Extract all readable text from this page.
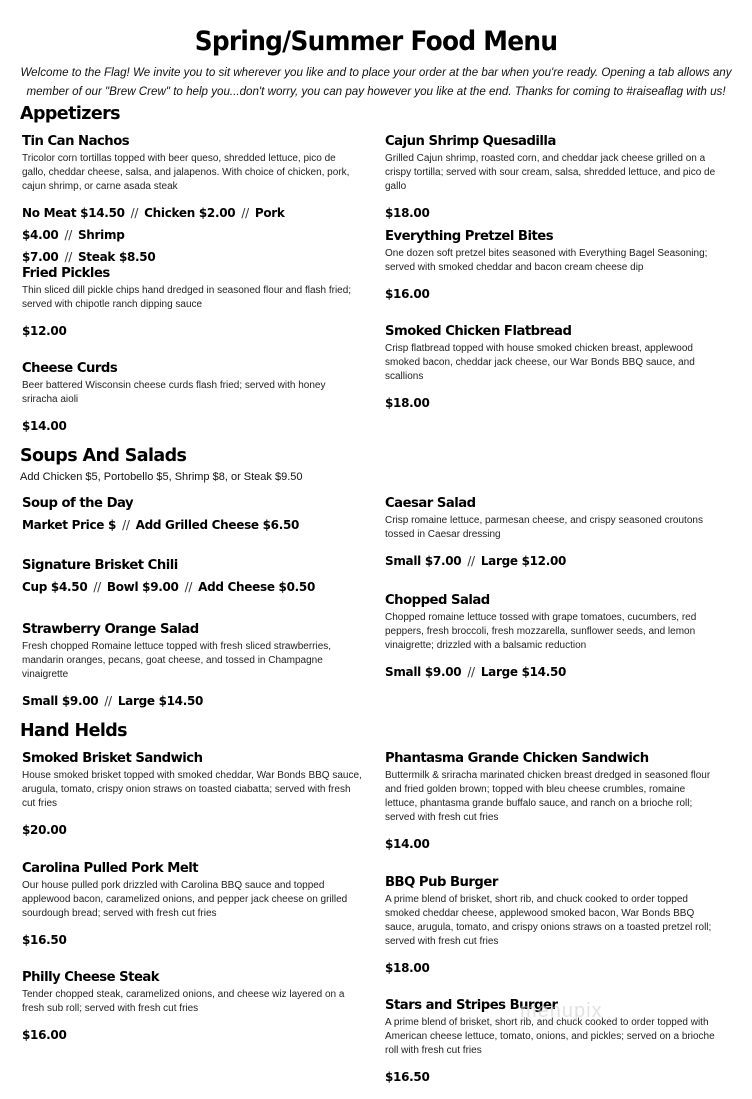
Spring/Summer Food Menu
Welcome to the Flag! We invite you to sit wherever you like and to place your order at the bar when you're ready. Opening a tab allows any member of our "Brew Crew" to help you...don't worry, you can pay however you like at the end. Thanks for coming to #raiseaflag with us!
Appetizers
Tin Can Nachos
Tricolor corn tortillas topped with beer queso, shredded lettuce, pico de gallo, cheddar cheese, salsa, and jalapenos. With choice of chicken, pork, cajun shrimp, or carne asada steak
No Meat $14.50 // Chicken $2.00 // Pork $4.00 // Shrimp
$7.00 // Steak $8.50
Fried Pickles
Thin sliced dill pickle chips hand dredged in seasoned flour and flash fried; served with chipotle ranch dipping sauce
$12.00
Cheese Curds
Beer battered Wisconsin cheese curds flash fried; served with honey sriracha aioli
$14.00
Cajun Shrimp Quesadilla
Grilled Cajun shrimp, roasted corn, and cheddar jack cheese grilled on a crispy tortilla; served with sour cream, salsa, shredded lettuce, and pico de gallo
$18.00
Everything Pretzel Bites
One dozen soft pretzel bites seasoned with Everything Bagel Seasoning; served with smoked cheddar and bacon cream cheese dip
$16.00
Smoked Chicken Flatbread
Crisp flatbread topped with house smoked chicken breast, applewood smoked bacon, cheddar jack cheese, our War Bonds BBQ sauce, and scallions
$18.00
Soups And Salads
Add Chicken $5, Portobello $5, Shrimp $8, or Steak $9.50
Soup of the Day
Market Price $ // Add Grilled Cheese $6.50
Signature Brisket Chili
Cup $4.50 // Bowl $9.00 // Add Cheese $0.50
Strawberry Orange Salad
Fresh chopped Romaine lettuce topped with fresh sliced strawberries, mandarin oranges, pecans, goat cheese, and tossed in Champagne vinaigrette
Small $9.00 // Large $14.50
Caesar Salad
Crisp romaine lettuce, parmesan cheese, and crispy seasoned croutons tossed in Caesar dressing
Small $7.00 // Large $12.00
Chopped Salad
Chopped romaine lettuce tossed with grape tomatoes, cucumbers, red peppers, fresh broccoli, fresh mozzarella, sunflower seeds, and lemon vinaigrette; drizzled with a balsamic reduction
Small $9.00 // Large $14.50
Hand Helds
Smoked Brisket Sandwich
House smoked brisket topped with smoked cheddar, War Bonds BBQ sauce, arugula, tomato, crispy onion straws on toasted ciabatta; served with fresh cut fries
$20.00
Carolina Pulled Pork Melt
Our house pulled pork drizzled with Carolina BBQ sauce and topped applewood bacon, caramelized onions, and pepper jack cheese on grilled sourdough bread; served with fresh cut fries
$16.50
Philly Cheese Steak
Tender chopped steak, caramelized onions, and cheese wiz layered on a fresh sub roll; served with fresh cut fries
$16.00
Phantasma Grande Chicken Sandwich
Buttermilk & sriracha marinated chicken breast dredged in seasoned flour and fried golden brown; topped with bleu cheese crumbles, romaine lettuce, phantasma grande buffalo sauce, and ranch on a brioche roll; served with fresh cut fries
$14.00
BBQ Pub Burger
A prime blend of brisket, short rib, and chuck cooked to order topped smoked cheddar cheese, applewood smoked bacon, War Bonds BBQ sauce, arugula, tomato, and crispy onions straws on a toasted pretzel roll; served with fresh cut fries
$18.00
Stars and Stripes Burger
A prime blend of brisket, short rib, and chuck cooked to order topped with American cheese lettuce, tomato, onions, and pickles; served on a brioche roll with fresh cut fries
$16.50
menupix
